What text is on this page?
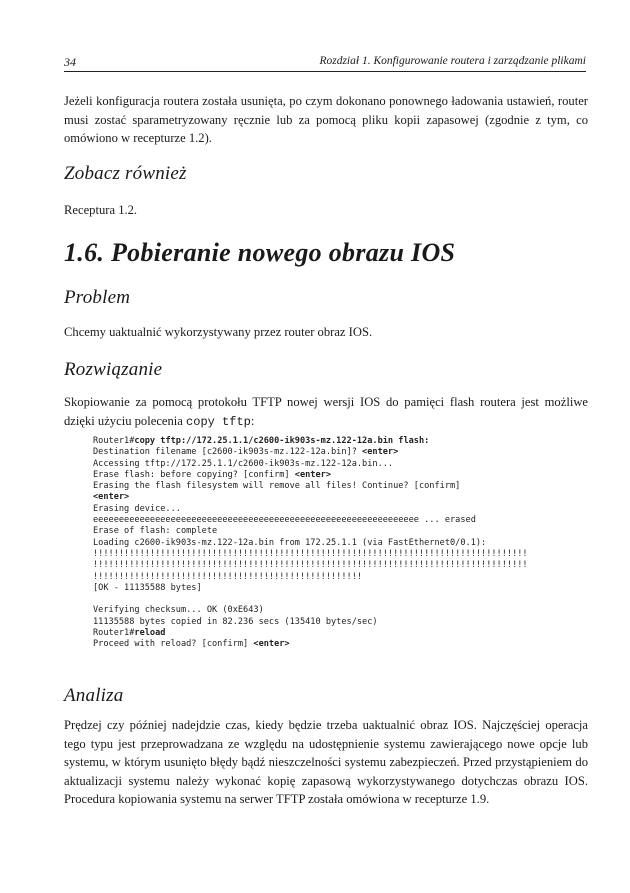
34	Rozdział 1. Konfigurowanie routera i zarządzanie plikami

Jeżeli konfiguracja routera została usunięta, po czym dokonano ponownego ładowania ustawień, router musi zostać sparametryzowany ręcznie lub za pomocą pliku kopii zapasowej (zgodnie z tym, co omówiono w recepturze 1.2).

Zobacz również

Receptura 1.2.

1.6. Pobieranie nowego obrazu IOS
Problem

Chcemy uaktualnić wykorzystywany przez router obraz IOS.

Rozwiązanie

Skopiowanie za pomocą protokołu TFTP nowej wersji IOS do pamięci flash routera jest możliwe dzięki użyciu polecenia copy tftp:

Router1#copy tftp://172.25.1.1/c2600-ik903s-mz.122-12a.bin flash:
Destination filename [c2600-ik903s-mz.122-12a.bin]? <enter>
Accessing tftp://172.25.1.1/c2600-ik903s-mz.122-12a.bin...
Erase flash: before copying? [confirm] <enter>
Erasing the flash filesystem will remove all files! Continue? [confirm]
<enter>
Erasing device...
eeeeeeeeeeeeeeeeeeeeeeeeeeeeeeeeeeeeeeeeeeeeeeeeeeeeeeeeeeeeeee ... erased
Erase of flash: complete
Loading c2600-ik903s-mz.122-12a.bin from 172.25.1.1 (via FastEthernet0/0.1):
!!!!!!!!!!!!!!!!!!!!!!!!!!!!!!!!!!!!!!!!!!!!!!!!!!!!!!!!!!!!!!!!!!!!!!!!!!!!!!!!!!!!
!!!!!!!!!!!!!!!!!!!!!!!!!!!!!!!!!!!!!!!!!!!!!!!!!!!!!!!!!!!!!!!!!!!!!!!!!!!!!!!!!!!!
!!!!!!!!!!!!!!!!!!!!!!!!!!!!!!!!!!!!!!!!!!!!!!!!!!!!
[OK - 11135588 bytes]
Verifying checksum... OK (0xE643)
11135588 bytes copied in 82.236 secs (135410 bytes/sec)
Router1#reload
Proceed with reload? [confirm] <enter>
Analiza

Prędzej czy później nadejdzie czas, kiedy będzie trzeba uaktualnić obraz IOS. Najczęściej operacja tego typu jest przeprowadzana ze względu na udostępnienie systemu zawierającego nowe opcje lub systemu, w którym usunięto błędy bądź nieszczelności systemu zabezpieczeń. Przed przystąpieniem do aktualizacji systemu należy wykonać kopię zapasową wykorzystywanego dotychczas obrazu IOS. Procedura kopiowania systemu na serwer TFTP została omówiona w recepturze 1.9.
